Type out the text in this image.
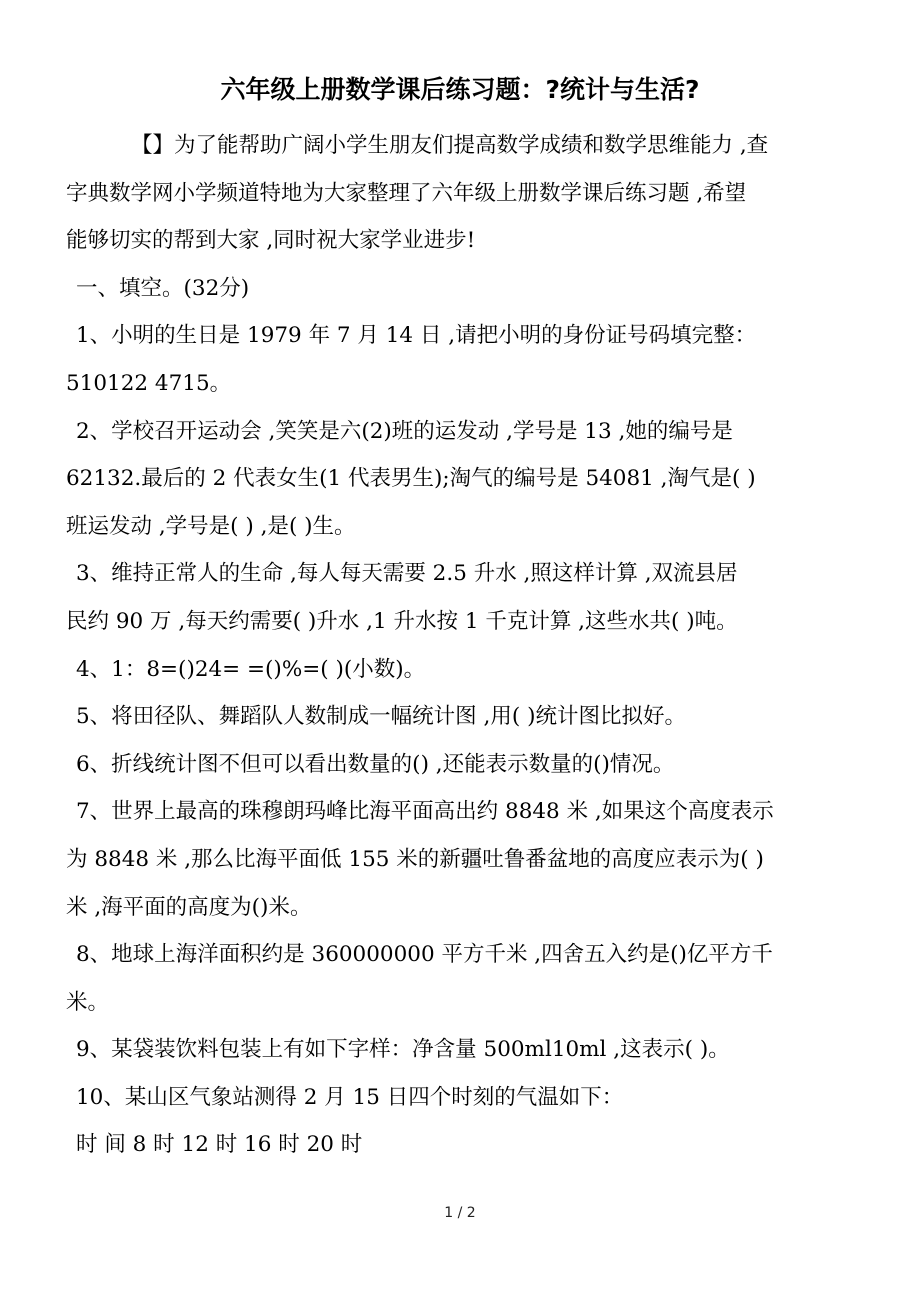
六年级上册数学课后练习题：?统计与生活?

【】为了能帮助广阔小学生朋友们提高数学成绩和数学思维能力 ,查

字典数学网小学频道特地为大家整理了六年级上册数学课后练习题 ,希望

能够切实的帮到大家 ,同时祝大家学业进步!

一、填空。(32分)

1、小明的生日是 1979 年 7 月 14 日 ,请把小明的身份证号码填完整：

510122 4715。

2、学校召开运动会 ,笑笑是六(2)班的运发动 ,学号是 13 ,她的编号是

62132.最后的 2 代表女生(1 代表男生);淘气的编号是 54081 ,淘气是( )

班运发动 ,学号是( ) ,是( )生。

3、维持正常人的生命 ,每人每天需要 2.5 升水 ,照这样计算 ,双流县居

民约 90 万 ,每天约需要( )升水 ,1 升水按 1 千克计算 ,这些水共( )吨。

4、1：8=()24= =()%=( )(小数)。

5、将田径队、舞蹈队人数制成一幅统计图 ,用( )统计图比拟好。

6、折线统计图不但可以看出数量的() ,还能表示数量的()情况。

7、世界上最高的珠穆朗玛峰比海平面高出约 8848 米 ,如果这个高度表示

为 8848 米 ,那么比海平面低 155 米的新疆吐鲁番盆地的高度应表示为( )

米 ,海平面的高度为()米。

8、地球上海洋面积约是 360000000 平方千米 ,四舍五入约是()亿平方千

米。

9、某袋装饮料包装上有如下字样：净含量 500ml10ml ,这表示( )。

10、某山区气象站测得 2 月 15 日四个时刻的气温如下：

时 间 8 时 12 时 16 时 20 时

1 / 2
